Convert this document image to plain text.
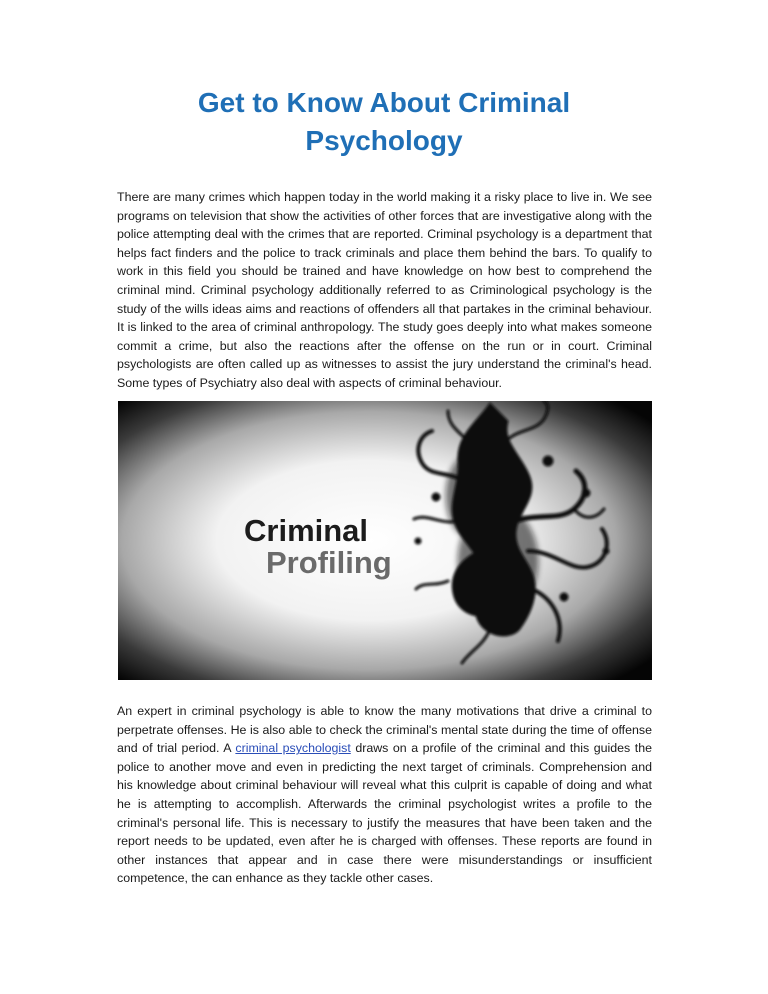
Get to Know About Criminal
Psychology

There are many crimes which happen today in the world making it a risky place to live in. We see programs on television that show the activities of other forces that are investigative along with the police attempting deal with the crimes that are reported. Criminal psychology is a department that helps fact finders and the police to track criminals and place them behind the bars. To qualify to work in this field you should be trained and have knowledge on how best to comprehend the criminal mind. Criminal psychology additionally referred to as Criminological psychology is the study of the wills ideas aims and reactions of offenders all that partakes in the criminal behaviour. It is linked to the area of criminal anthropology. The study goes deeply into what makes someone commit a crime, but also the reactions after the offense on the run or in court. Criminal psychologists are often called up as witnesses to assist the jury understand the criminal's head. Some types of Psychiatry also deal with aspects of criminal behaviour.

Criminal
Profiling

An expert in criminal psychology is able to know the many motivations that drive a criminal to perpetrate offenses. He is also able to check the criminal's mental state during the time of offense and of trial period. A criminal psychologist draws on a profile of the criminal and this guides the police to another move and even in predicting the next target of criminals. Comprehension and his knowledge about criminal behaviour will reveal what this culprit is capable of doing and what he is attempting to accomplish. Afterwards the criminal psychologist writes a profile to the criminal's personal life. This is necessary to justify the measures that have been taken and the report needs to be updated, even after he is charged with offenses. These reports are found in other instances that appear and in case there were misunderstandings or insufficient competence, the can enhance as they tackle other cases.
